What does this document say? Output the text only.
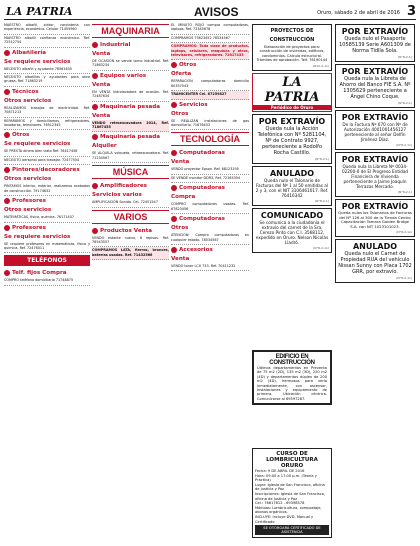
LA PATRIA	AVISOS	Oruro, sábado 2 de abril de 2016 3
MAESTRO albañil, pintor, carpintería con experiencia, económico. Celular 71455960
MAESTRO albañil confianza económico. Ref. 72512754
Albañilería
Se requiere servicios
NECESITO albañil y ayudante 76561635
NECESITO albañiles y ayudantes para obra gruesa. Ref. 71863219
Técnicos
Otros servicios
REALIZAMOS trabajos de electricidad. Ref. 70871213
REPARAMOS y domiciliamos, refrigeradores, lavadoras, televisores. 76512345
Otros
Se requiere servicios
SE PRESTA dinero bien trato Ref. 76417458
NECESITO personal para trabajar. 72477554
Pintores/decoradores
Otros servicios
PINTAMOS interior, exterior, realizamos acabados de construcción. 79174632
Profesores
Otros servicios
MATEMÁTICAS, física, química. 76171457
Profesores
Se requiere servicios
SE requiere profesores en matemáticas, física y química. Ref. 72476011
TELÉFONOS
Telf. fijos Compra
COMPRO teléfono domiciliario 71748875
MAQUINARIA
Industrial
Venta
DE OCASIÓN se vende torno industrial. Ref. 71863234
Equipos varios
Venta
EN VENTA hidrolavadora de ocasión. Ref. 72487634
Maquinaria pesada
Venta
VENDO retroexcavadora 2014, Ref. 71867455
Maquinaria pesada
Alquiler
SE ALQUILA volqueta, retroexcavadora. Ref. 71234567
MÚSICA
Amplificadores
Servicios varios
AMPLIFICACIÓN Sonido. Cel. 72451547
VARIOS
Productos Venta
VENDO estante nuevo, 6 repisas. Ref. 76543557
COMPRAMOS LATA, fierros, bronces, baterías usadas. Ref. 71432566
EL MINUTO ROJO compra computadoras, laptops. Ref. 72345678
COMPRAMOS 73623452 78534567
COMPRAMOS: Toda clase de productos, laptops, celulares, maquinas y otros, televisores, refrigeradores. 72617433
Otros
Oferta
REPARACIÓN computadoras domicilio 60357543
TRAMICENTER Cel. 67259827
Servicios
Otros
SE REALIZAN instalaciones de gas domiciliario. 71876453
TECNOLOGÍA
Computadoras
Venta
VENDO proyector Epson. Ref. 68123195
SE VENDE monitor DDR3. Ref. 72165354
Computadoras
Compra
COMPRO computadoras usadas. Ref. 67823456
Computadoras
Otros
ATENCIÓN: Compro computadoras en cualquier estado. 78534567
Accesorios
Venta
VENDO toner LCX 733. Ref. 70411232
PROYECTOS DE CONSTRUCCIÓN
Elaboración de proyectos para: construcción de viviendas, edificios, condominios. Cálculo estructural. Trámites de aprobación. Telf. 76190144
(#10-2-1x)
LA PATRIA
Periódico de Oruro
POR EXTRAVÍO
Queda nula la Acción Telefónica con Nº 5281104, Nº de Contrato 9927, perteneciente a Rodolfo Rocha Castillo.
(N°8-2-1)
ANULADO
Queda nulo el Talonario de Facturas del Nº 1 al 50 emitidas al 2 y 3, con el NIT 3106461017. Ref. 76416342
(N°8-2-1)
COMUNICADO
Se comunica a la ciudadanía el extravío del carnet de la Sra. Cerezo Pinto con C.I. 3568112, expedido en Oruro. Nelson Nicolás Lladró.
(N°8-2-1x)
POR EXTRAVÍO
Queda nulo el Pasaporte 10585139 Serie A601309 de Norma Tidlla Sola.
(N°8-2-1)
POR EXTRAVÍO
Queda nula la Libreta de Ahorro del Banco FIE S.A. Nº 1305629 perteneciente a Ángel Chino Coque.
(N°8-2-1)
POR EXTRAVÍO
De la Factura Nº 670 con Nº de Autorización 4001001456127 perteneciente al señor Delfín Jiménez Díaz.
(N°8-2-1x)
POR EXTRAVÍO
Queda nula la Libreta Nº 0034-02200-0 de El Progreso Entidad Financiera de Vivienda perteneciente a Jaime Joaquín Terrazas Mercado.
(N°8-2-1)
POR EXTRAVÍO
Queda nulos los Talonarios de Facturas del Nº 126 al 300 de la Tienda Centro Capacitación Tamara Golden Bridge S.A. con NIT 1023101023.
(N°8-2-1x)
ANULADO
Queda nulo el Carnet de Propiedad RUA del vehículo Nissan Sunny con Placa 1702 GRR, por extravío.
(N°8-2-1x)
EDIFICIO EN CONSTRUCCIÓN
Últimos departamentos en Preventa de 75 m2 (2D), 135 m2 (3D), 220 m2 (4D) y departamentos dúplex de 200 m2 (4D), hermosos para verlo inmediatamente, con ascensor, instalaciones y equipamiento de primera. Ubicación céntrica. Comunicarse al 69597287.
CURSO DE LOMBRICULTURA ORURO
Fecha: 9 DE ABRIL DE 2016
Hora: 09:00 a 17:00 p.m. (Teoría y Práctica)
Lugar: Iglesia de San Francisco, oficina de Justicia y Paz
Inscripciones: Iglesia de San Francisco, oficina de Justicia y Paz
Cel.: 76617812 - 69398578
Módulos: Lombricultura, compostaje, abonos orgánicos.
INCLUYE: Incluye DVD, Manual y Certificado
SE OTORGARÁ CERTIFICADO DE ASISTENCIA
